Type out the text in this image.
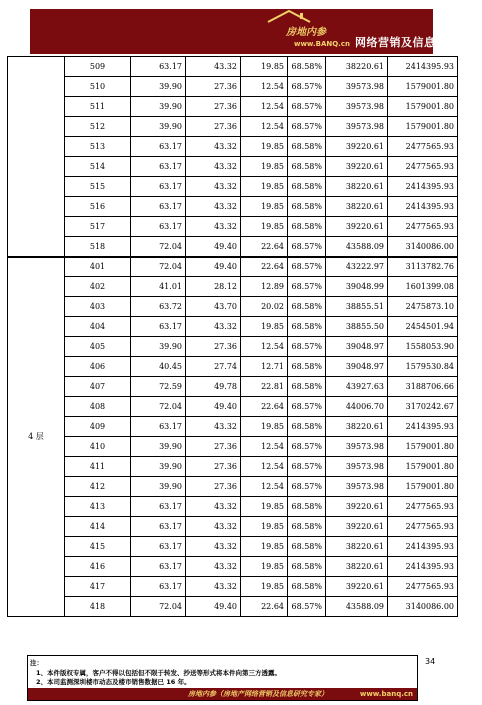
房地内参
www.BANQ.cn 网络营销及信息研究专家
	509	63.17	43.32	19.85	68.58%	38220.61	2414395.93
	510	39.90	27.36	12.54	68.57%	39573.98	1579001.80
	511	39.90	27.36	12.54	68.57%	39573.98	1579001.80
	512	39.90	27.36	12.54	68.57%	39573.98	1579001.80
	513	63.17	43.32	19.85	68.58%	39220.61	2477565.93
	514	63.17	43.32	19.85	68.58%	39220.61	2477565.93
	515	63.17	43.32	19.85	68.58%	38220.61	2414395.93
	516	63.17	43.32	19.85	68.58%	38220.61	2414395.93
	517	63.17	43.32	19.85	68.58%	39220.61	2477565.93
	518	72.04	49.40	22.64	68.57%	43588.09	3140086.00
4 层	401	72.04	49.40	22.64	68.57%	43222.97	3113782.76
	402	41.01	28.12	12.89	68.57%	39048.99	1601399.08
	403	63.72	43.70	20.02	68.58%	38855.51	2475873.10
	404	63.17	43.32	19.85	68.58%	38855.50	2454501.94
	405	39.90	27.36	12.54	68.57%	39048.97	1558053.90
	406	40.45	27.74	12.71	68.58%	39048.97	1579530.84
	407	72.59	49.78	22.81	68.58%	43927.63	3188706.66
	408	72.04	49.40	22.64	68.57%	44006.70	3170242.67
	409	63.17	43.32	19.85	68.58%	38220.61	2414395.93
	410	39.90	27.36	12.54	68.57%	39573.98	1579001.80
	411	39.90	27.36	12.54	68.57%	39573.98	1579001.80
	412	39.90	27.36	12.54	68.57%	39573.98	1579001.80
	413	63.17	43.32	19.85	68.58%	39220.61	2477565.93
	414	63.17	43.32	19.85	68.58%	39220.61	2477565.93
	415	63.17	43.32	19.85	68.58%	38220.61	2414395.93
	416	63.17	43.32	19.85	68.58%	38220.61	2414395.93
	417	63.17	43.32	19.85	68.58%	39220.61	2477565.93
	418	72.04	49.40	22.64	68.57%	43588.09	3140086.00
注：
1、本件版权专属，客户不得以包括但不限于转发、抄送等形式将本件向第三方透露。
2、本司监测深圳楼市动态及楼市销售数据已 16 年。
房地内参（房地产网络营销及信息研究专家）	www.banq.cn
34
